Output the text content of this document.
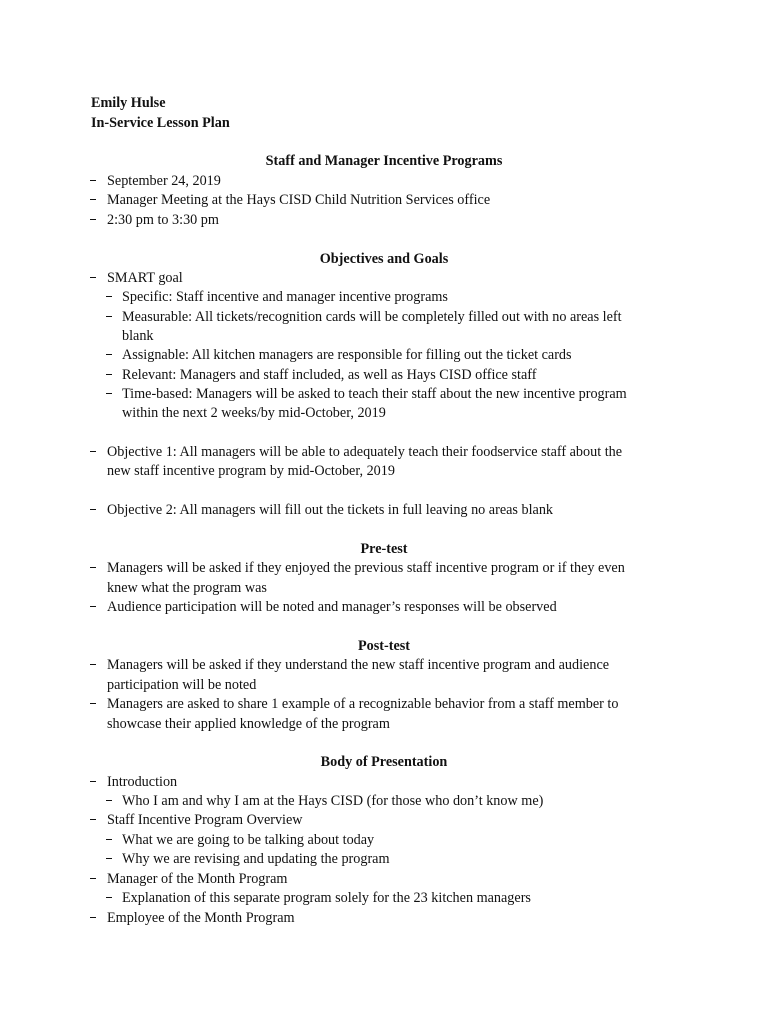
Emily Hulse
In-Service Lesson Plan
Staff and Manager Incentive Programs
September 24, 2019
Manager Meeting at the Hays CISD Child Nutrition Services office
2:30 pm to 3:30 pm
Objectives and Goals
SMART goal
Specific: Staff incentive and manager incentive programs
Measurable: All tickets/recognition cards will be completely filled out with no areas left
blank
Assignable: All kitchen managers are responsible for filling out the ticket cards
Relevant: Managers and staff included, as well as Hays CISD office staff
Time-based: Managers will be asked to teach their staff about the new incentive program
within the next 2 weeks/by mid-October, 2019
Objective 1: All managers will be able to adequately teach their foodservice staff about the
new staff incentive program by mid-October, 2019
Objective 2: All managers will fill out the tickets in full leaving no areas blank
Pre-test
Managers will be asked if they enjoyed the previous staff incentive program or if they even
knew what the program was
Audience participation will be noted and manager’s responses will be observed
Post-test
Managers will be asked if they understand the new staff incentive program and audience
participation will be noted
Managers are asked to share 1 example of a recognizable behavior from a staff member to
showcase their applied knowledge of the program
Body of Presentation
Introduction
Who I am and why I am at the Hays CISD (for those who don’t know me)
Staff Incentive Program Overview
What we are going to be talking about today
Why we are revising and updating the program
Manager of the Month Program
Explanation of this separate program solely for the 23 kitchen managers
Employee of the Month Program
